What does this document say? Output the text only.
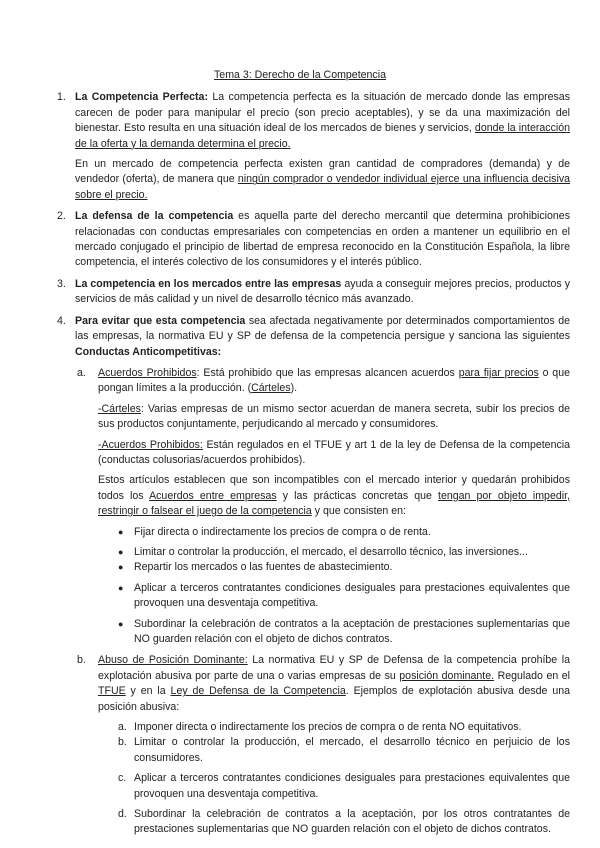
Tema 3: Derecho de la Competencia
1. La Competencia Perfecta: La competencia perfecta es la situación de mercado donde las empresas carecen de poder para manipular el precio (son precio aceptables), y se da una maximización del bienestar. Esto resulta en una situación ideal de los mercados de bienes y servicios, donde la interacción de la oferta y la demanda determina el precio.

En un mercado de competencia perfecta existen gran cantidad de compradores (demanda) y de vendedor (oferta), de manera que ningún comprador o vendedor individual ejerce una influencia decisiva sobre el precio.

2. La defensa de la competencia es aquella parte del derecho mercantil que determina prohibiciones relacionadas con conductas empresariales con competencias en orden a mantener un equilibrio en el mercado conjugado el principio de libertad de empresa reconocido en la Constitución Española, la libre competencia, el interés colectivo de los consumidores y el interés público.

3. La competencia en los mercados entre las empresas ayuda a conseguir mejores precios, productos y servicios de más calidad y un nivel de desarrollo técnico más avanzado.

4. Para evitar que esta competencia sea afectada negativamente por determinados comportamientos de las empresas, la normativa EU y SP de defensa de la competencia persigue y sanciona las siguientes Conductas Anticompetitivas:

a.	Acuerdos Prohibidos: Está prohibido que las empresas alcancen acuerdos para fijar precios o que pongan límites a la producción. (Cárteles).

-Cárteles: Varias empresas de un mismo sector acuerdan de manera secreta, subir los precios de sus productos conjuntamente, perjudicando al mercado y consumidores.

-Acuerdos Prohibidos: Están regulados en el TFUE y art 1 de la ley de Defensa de la competencia (conductas colusorias/acuerdos prohibidos).

Estos artículos establecen que son incompatibles con el mercado interior y quedarán prohibidos todos los Acuerdos entre empresas y las prácticas concretas que tengan por objeto impedir, restringir o falsear el juego de la competencia y que consisten en:

● Fijar directa o indirectamente los precios de compra o de renta.

● Limitar o controlar la producción, el mercado, el desarrollo técnico, las inversiones...

● Repartir los mercados o las fuentes de abastecimiento.

● Aplicar a terceros contratantes condiciones desiguales para prestaciones equivalentes que provoquen una desventaja competitiva.

● Subordinar la celebración de contratos a la aceptación de prestaciones suplementarias que NO guarden relación con el objeto de dichos contratos.

b.	Abuso de Posición Dominante: La normativa EU y SP de Defensa de la competencia prohíbe la explotación abusiva por parte de una o varias empresas de su posición dominante. Regulado en el TFUE y en la Ley de Defensa de la Competencia. Ejemplos de explotación abusiva desde una posición abusiva:

a. Imponer directa o indirectamente los precios de compra o de renta NO equitativos.

b. Limitar o controlar la producción, el mercado, el desarrollo técnico en perjuicio de los consumidores.

c. Aplicar a terceros contratantes condiciones desiguales para prestaciones equivalentes que provoquen una desventaja competitiva.

d. Subordinar la celebración de contratos a la aceptación, por los otros contratantes de prestaciones suplementarias que NO guarden relación con el objeto de dichos contratos.
